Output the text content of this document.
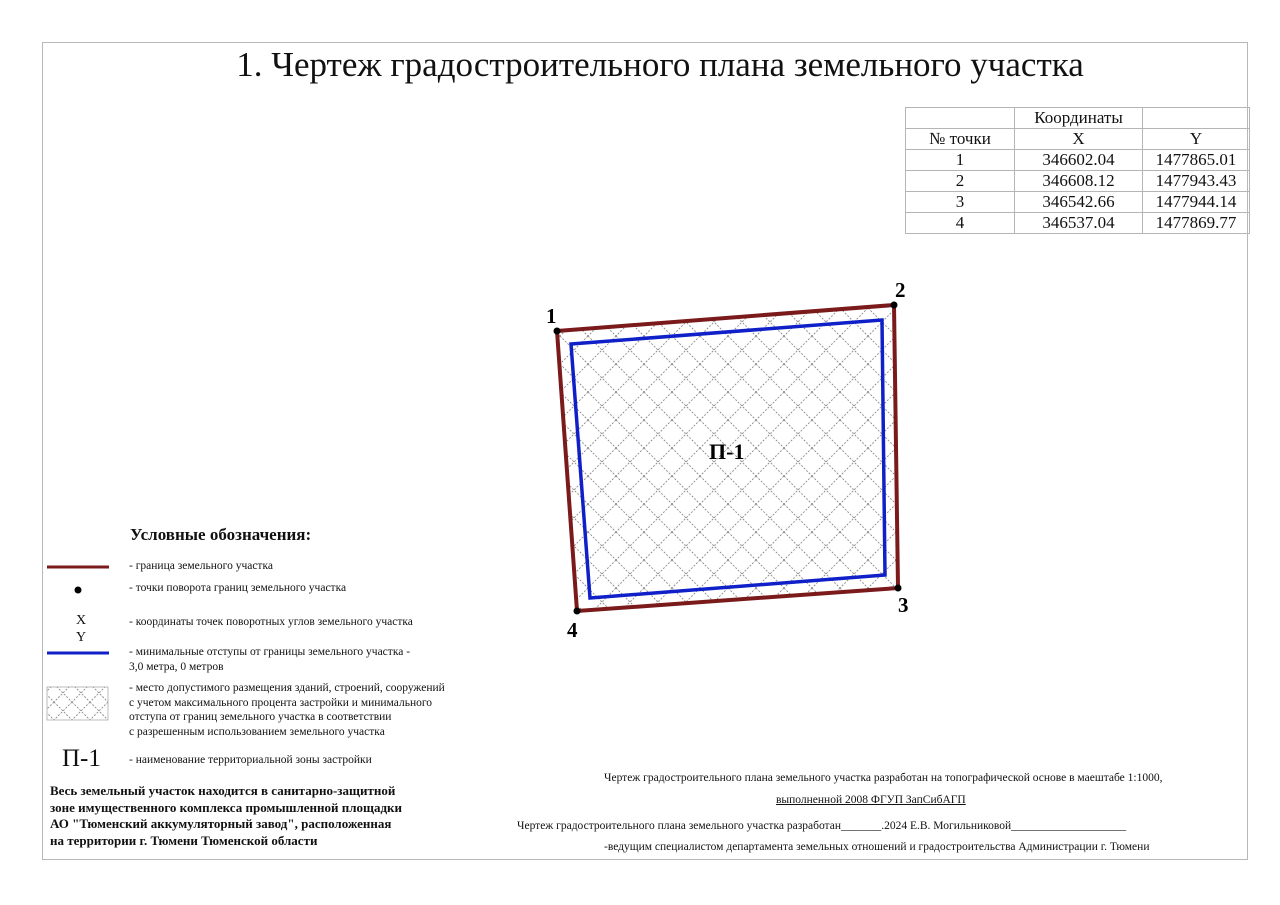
1. Чертеж градостроительного плана земельного участка
	Координаты	
№ точки	X	Y
1	346602.04	1477865.01
2	346608.12	1477943.43
3	346542.66	1477944.14
4	346537.04	1477869.77
1
2
3
4
П-1
Условные обозначения:
- граница земельного участка
- точки поворота границ земельного участка
X
Y
- координаты точек поворотных углов земельного участка
- минимальные отступы от границы земельного участка -
3,0 метра, 0 метров
- место допустимого размещения зданий, строений, сооружений
с учетом максимального процента застройки и минимального
отступа от границ земельного участка в соответствии
с разрешенным использованием земельного участка
П-1 - наименование территориальной зоны застройки
Весь земельный участок находится в санитарно-защитной
зоне имущественного комплекса промышленной площадки
АО "Тюменский аккумуляторный завод", расположенная
на территории г. Тюмени Тюменской области
Чертеж градостроительного плана земельного участка разработан на топографической основе в маештабе 1:1000,
выполненной 2008 ФГУП ЗапСибАГП
Чертеж градостроительного плана земельного участка разработан_______.2024 Е.В. Могильниковой____________________
-ведущим специалистом департамента земельных отношений и градостроительства Администрации г. Тюмени
